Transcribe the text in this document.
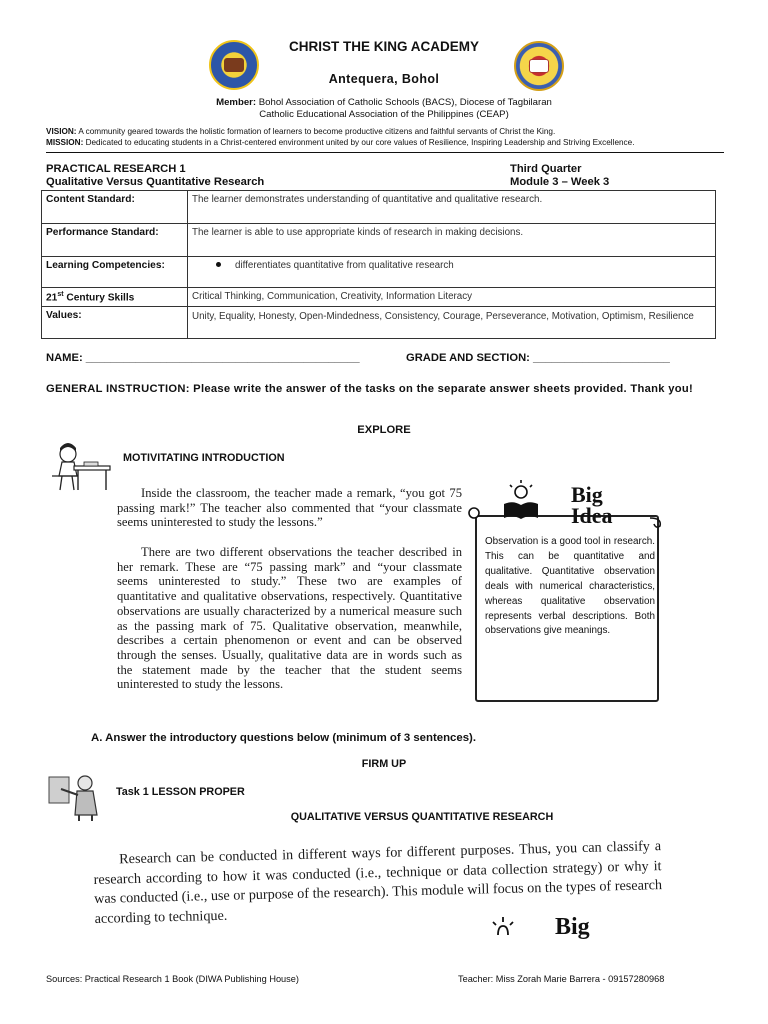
CHRIST THE KING ACADEMY
Antequera, Bohol
Member: Bohol Association of Catholic Schools (BACS), Diocese of Tagbilaran
Catholic Educational Association of the Philippines (CEAP)
VISION: A community geared towards the holistic formation of learners to become productive citizens and faithful servants of Christ the King.
MISSION: Dedicated to educating students in a Christ-centered environment united by our core values of Resilience, Inspiring Leadership and Striving Excellence.
PRACTICAL RESEARCH 1
Qualitative Versus Quantitative Research
Third Quarter
Module 3 – Week 3
Content Standard:	The learner demonstrates understanding of quantitative and qualitative research.
Performance Standard:	The learner is able to use appropriate kinds of research in making decisions.
Learning Competencies:	differentiates quantitative from qualitative research
21st Century Skills	Critical Thinking, Communication, Creativity, Information Literacy
Values:	Unity, Equality, Honesty, Open-Mindedness, Consistency, Courage, Perseverance, Motivation, Optimism, Resilience
NAME: ____________________________________________	GRADE AND SECTION: ______________________
GENERAL INSTRUCTION: Please write the answer of the tasks on the separate answer sheets provided. Thank you!
EXPLORE
MOTIVITATING INTRODUCTION
Inside the classroom, the teacher made a remark, “you got 75 passing mark!” The teacher also commented that “your classmate seems uninterested to study the lessons.”
There are two different observations the teacher described in her remark. These are “75 passing mark” and “your classmate seems uninterested to study.” These two are examples of quantitative and qualitative observations, respectively. Quantitative observations are usually characterized by a numerical measure such as the passing mark of 75. Qualitative observation, meanwhile, describes a certain phenomenon or event and can be observed through the senses. Usually, qualitative data are in words such as the statement made by the teacher that the student seems uninterested to study the lessons.
Big
Idea
Observation is a good tool in research. This can be quantitative and qualitative. Quantitative observation deals with numerical characteristics, whereas qualitative observation represents verbal descriptions. Both observations give meanings.
A. Answer the introductory questions below (minimum of 3 sentences).
FIRM UP
Task 1 LESSON PROPER
QUALITATIVE VERSUS QUANTITATIVE RESEARCH
Research can be conducted in different ways for different purposes. Thus, you can classify a research according to how it was conducted (i.e., technique or data collection strategy) or why it was conducted (i.e., use or purpose of the research). This module will focus on the types of research according to technique.	Big
Sources: Practical Research 1 Book (DIWA Publishing House)	Teacher: Miss Zorah Marie Barrera - 09157280968
